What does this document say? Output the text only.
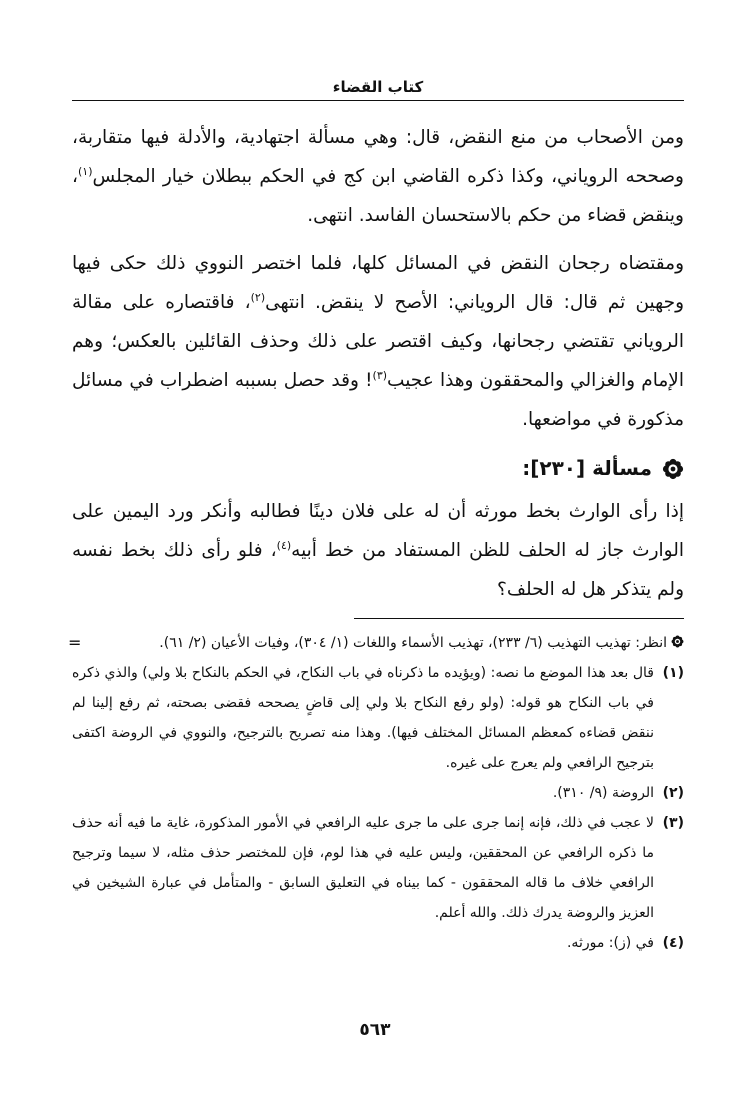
كتاب القضاء

ومن الأصحاب من منع النقض، قال: وهي مسألة اجتهادية، والأدلة فيها متقاربة، وصححه الروياني، وكذا ذكره القاضي ابن كج في الحكم ببطلان خيار المجلس$^{(١)}$، وينقض قضاء من حكم بالاستحسان الفاسد. انتهى.

ومقتضاه رجحان النقض في المسائل كلها، فلما اختصر النووي ذلك حكى فيها وجهين ثم قال: قال الروياني: الأصح لا ينقض. انتهى$^{(٢)}$، فاقتصاره على مقالة الروياني تقتضي رجحانها، وكيف اقتصر على ذلك وحذف القائلين بالعكس؛ وهم الإمام والغزالي والمحققون وهذا عجيب$^{(٣)}$! وقد حصل بسببه اضطراب في مسائل مذكورة في مواضعها.

مسألة [٢٣٠]:

إذا رأى الوارث بخط مورثه أن له على فلان دينًا فطالبه وأنكر ورد اليمين على الوارث جاز له الحلف للظن المستفاد من خط أبيه$^{(٤)}$، فلو رأى ذلك بخط نفسه ولم يتذكر هل له الحلف؟

=	انظر: تهذيب التهذيب (٦/ ٢٣٣)، تهذيب الأسماء واللغات (١/ ٣٠٤)، وفيات الأعيان (٢/ ٦١).
(١)
قال بعد هذا الموضع ما نصه: (ويؤيده ما ذكرناه في باب النكاح، في الحكم بالنكاح بلا ولي) والذي ذكره في باب النكاح هو قوله: (ولو رفع النكاح بلا ولي إلى قاضٍ يصححه فقضى بصحته، ثم رفع إلينا لم ننقض قضاءه كمعظم المسائل المختلف فيها). وهذا منه تصريح بالترجيح، والنووي في الروضة اكتفى بترجيح الرافعي ولم يعرج على غيره.
(٢)
الروضة (٩/ ٣١٠).
(٣)
لا عجب في ذلك، فإنه إنما جرى على ما جرى عليه الرافعي في الأمور المذكورة، غاية ما فيه أنه حذف ما ذكره الرافعي عن المحققين، وليس عليه في هذا لوم، فإن للمختصر حذف مثله، لا سيما وترجيح الرافعي خلاف ما قاله المحققون - كما بيناه في التعليق السابق - والمتأمل في عبارة الشيخين في العزيز والروضة يدرك ذلك. والله أعلم.
(٤)
في (ز): مورثه.
٥٦٣
